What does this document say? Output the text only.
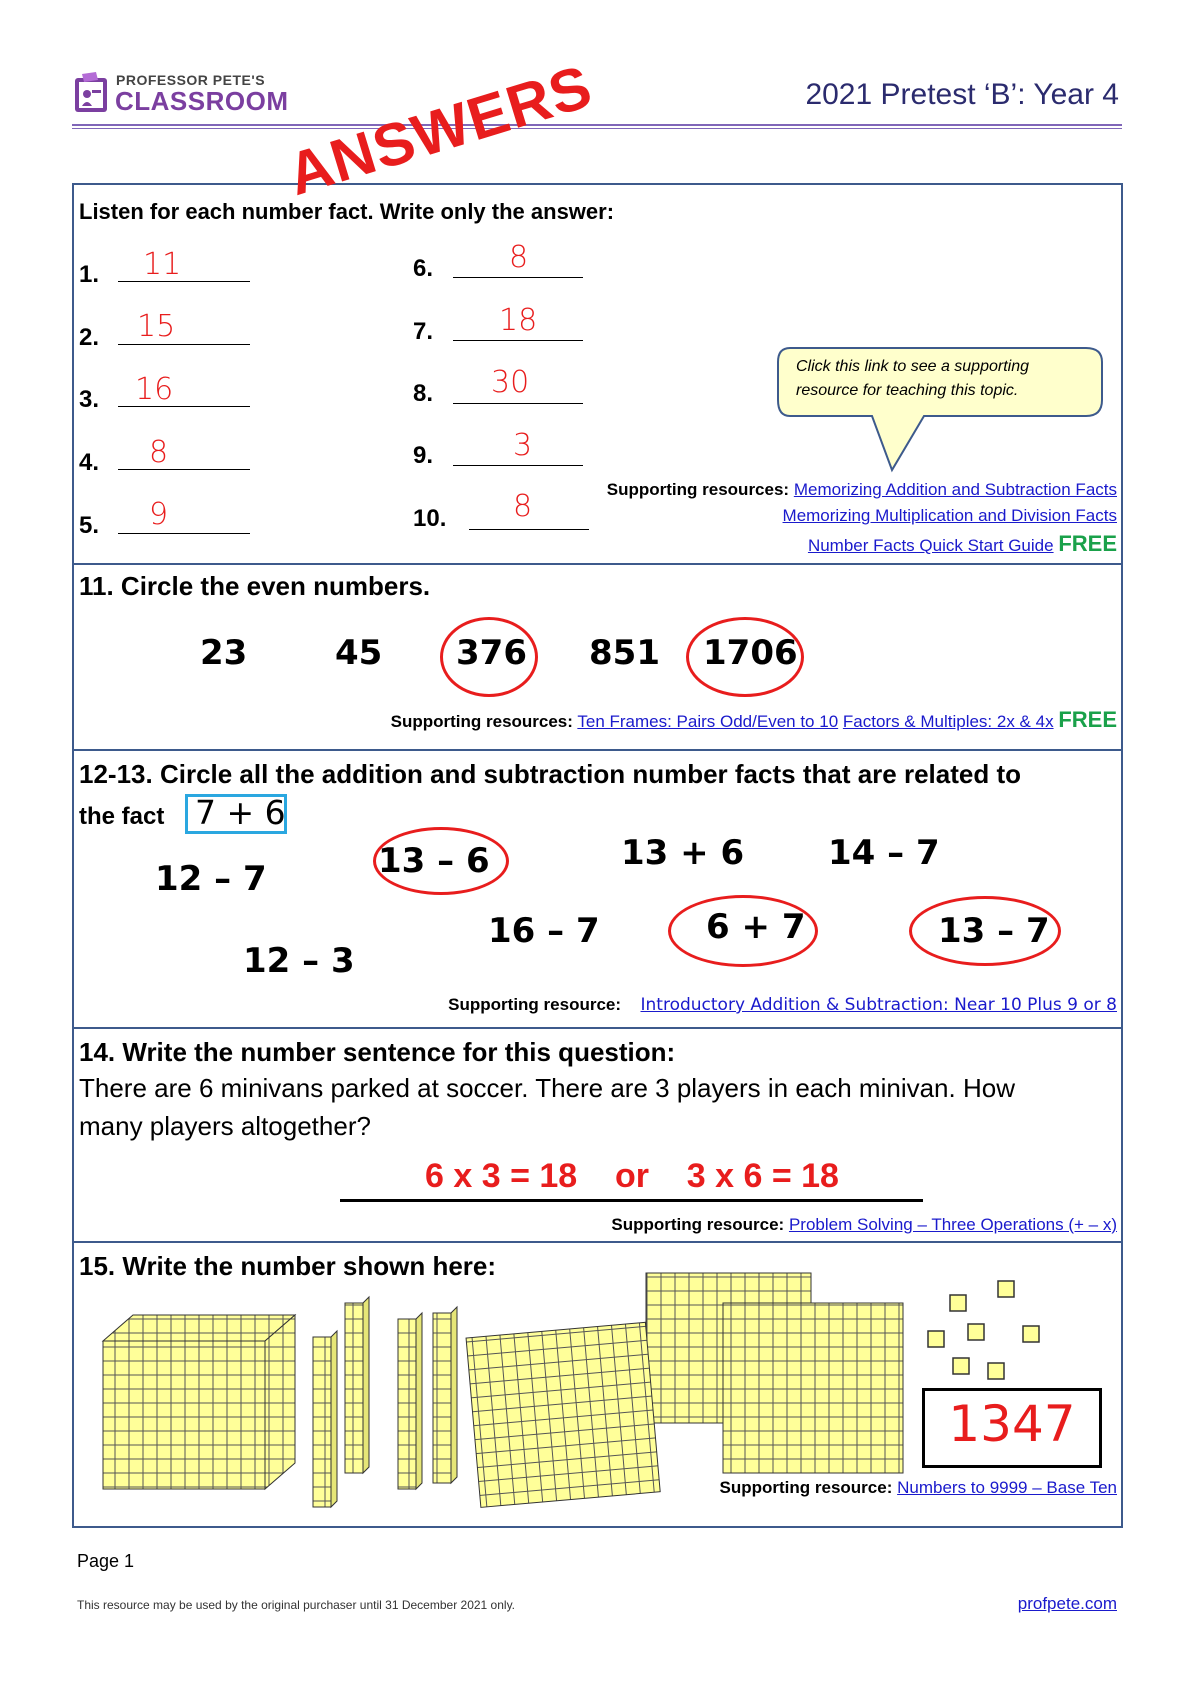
PROFESSOR PETE'S
CLASSROOM	2021 Pretest ‘B’: Year 4
Listen for each number fact. Write only the answer:
1. 11
2. 15
3. 16
4. 8
5. 9
6.	8
7. 18
8. 30
9.	3
10. 8
Click this link to see a supporting resource for teaching this topic.
Supporting resources: Memorizing Addition and Subtraction Facts
Memorizing Multiplication and Division Facts
Number Facts Quick Start Guide FREE
ANSWERS
11. Circle the even numbers.
23	45 376 851 1706
Supporting resources: Ten Frames: Pairs Odd/Even to 10 Factors & Multiples: 2x & 4x FREE
12-13. Circle all the addition and subtraction number facts that are related to
the fact 7 + 6
12 – 7	13 – 6	13 + 6 14 – 7
16 – 7	6 + 7	13 – 7
12 – 3
Supporting resource: Introductory Addition & Subtraction: Near 10 Plus 9 or 8
14. Write the number sentence for this question:
There are 6 minivans parked at soccer. There are 3 players in each minivan. How
many players altogether?
6 x 3 = 18    or    3 x 6 = 18
Supporting resource: Problem Solving – Three Operations (+ – x)
15. Write the number shown here:
1347
Supporting resource: Numbers to 9999 – Base Ten
Page 1
This resource may be used by the original purchaser until 31 December 2021 only.	profpete.com
